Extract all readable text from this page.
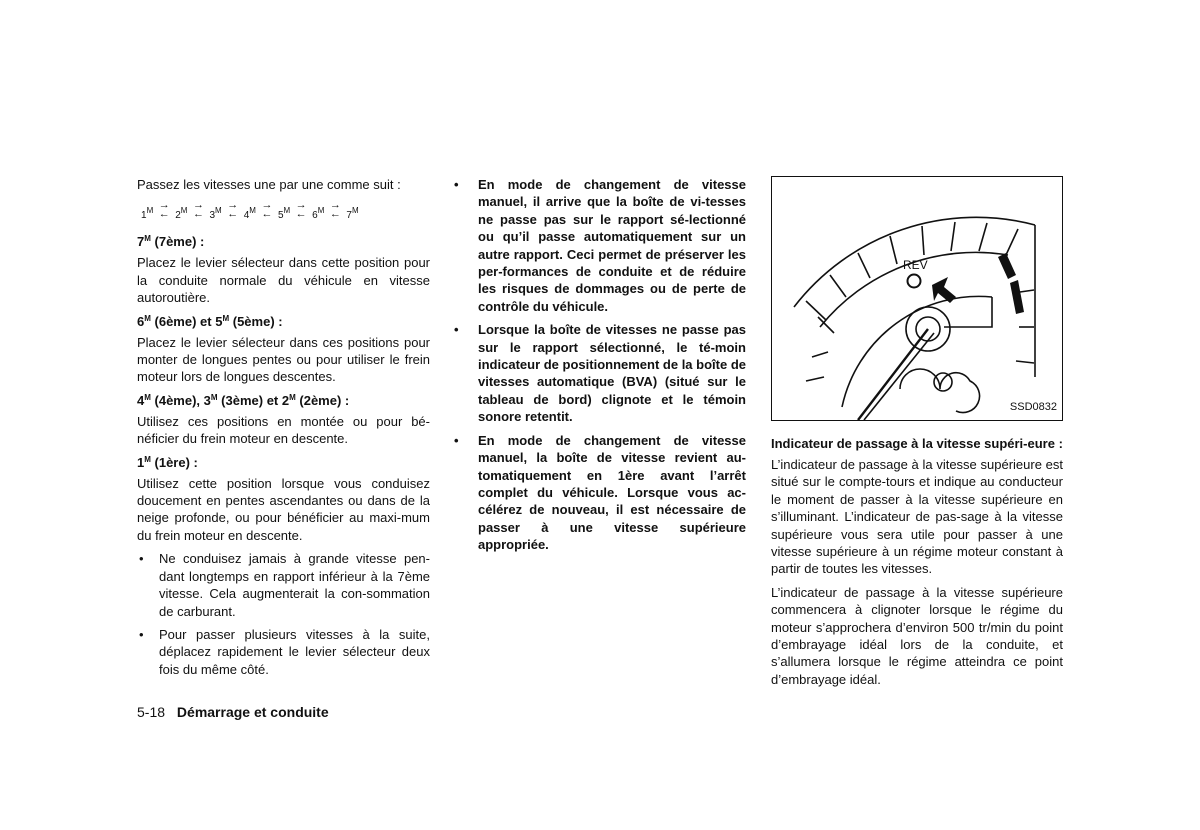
Passez les vitesses une par une comme suit :

$1^M$ →
← $2^M$ →
← $3^M$ →
← $4^M$ →
← $5^M$ →
← $6^M$ →
← $7^M$
$7^M$ (7ème) :

Placez le levier sélecteur dans cette position pour la conduite normale du véhicule en vitesse autoroutière.

$6^M$ (6ème) et $5^M$ (5ème) :

Placez le levier sélecteur dans ces positions pour monter de longues pentes ou pour utiliser le frein moteur lors de longues descentes.

$4^M$ (4ème), $3^M$ (3ème) et $2^M$ (2ème) :

Utilisez ces positions en montée ou pour bé-néficier du frein moteur en descente.

$1^M$ (1ère) :

Utilisez cette position lorsque vous conduisez doucement en pentes ascendantes ou dans de la neige profonde, ou pour bénéficier au maxi-mum du frein moteur en descente.

• Ne conduisez jamais à grande vitesse pen-dant longtemps en rapport inférieur à la 7ème vitesse. Cela augmenterait la con-sommation de carburant.
• Pour passer plusieurs vitesses à la suite, déplacez rapidement le levier sélecteur deux fois du même côté.
• En mode de changement de vitesse manuel, il arrive que la boîte de vi-tesses ne passe pas sur le rapport sé-lectionné ou qu’il passe automatiquement sur un autre rapport. Ceci permet de préserver les per-formances de conduite et de réduire les risques de dommages ou de perte de contrôle du véhicule.
• Lorsque la boîte de vitesses ne passe pas sur le rapport sélectionné, le té-moin indicateur de positionnement de la boîte de vitesses automatique (BVA) (situé sur le tableau de bord) clignote et le témoin sonore retentit.
• En mode de changement de vitesse manuel, la boîte de vitesse revient au-tomatiquement en 1ère avant l’arrêt complet du véhicule. Lorsque vous ac-célérez de nouveau, il est nécessaire de passer à une vitesse supérieure appropriée.
REV
SSD0832
Indicateur de passage à la vitesse supéri-eure :

L’indicateur de passage à la vitesse supérieure est situé sur le compte-tours et indique au conducteur le moment de passer à la vitesse supérieure en s’illuminant. L’indicateur de pas-sage à la vitesse supérieure vous sera utile pour passer à une vitesse supérieure à un régime moteur constant à partir de toutes les vitesses.

L’indicateur de passage à la vitesse supérieure commencera à clignoter lorsque le régime du moteur s’approchera d’environ 500 tr/min du point d’embrayage idéal lors de la conduite, et s’allumera lorsque le régime atteindra ce point d’embrayage idéal.

5-18 Démarrage et conduite
